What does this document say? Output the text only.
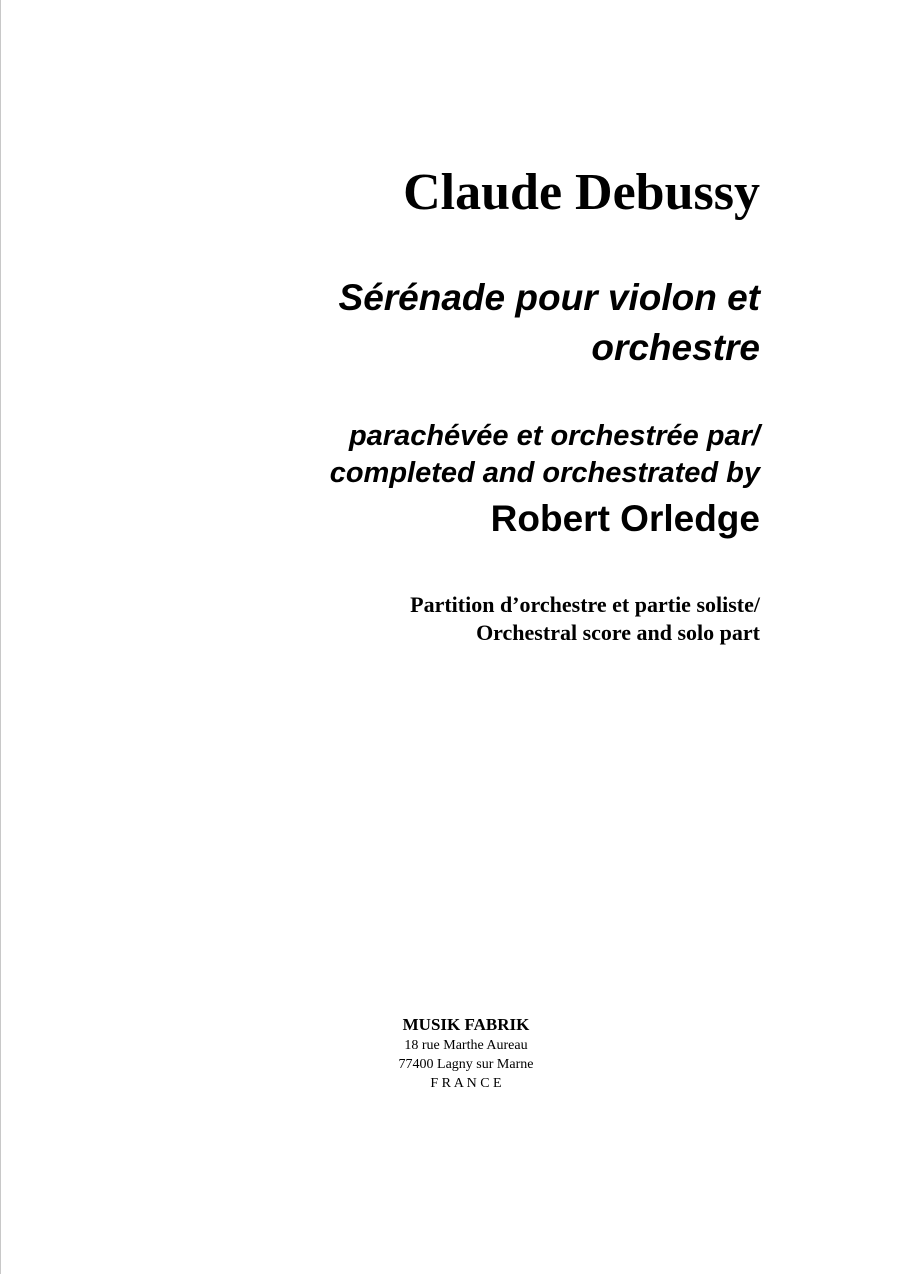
Claude Debussy
Sérénade pour violon et
orchestre
parachévée et orchestrée par/
completed and orchestrated by
Robert Orledge
Partition d’orchestre et partie soliste/
Orchestral score and solo part
MUSIK FABRIK
18 rue Marthe Aureau
77400 Lagny sur Marne
F R A N C E
